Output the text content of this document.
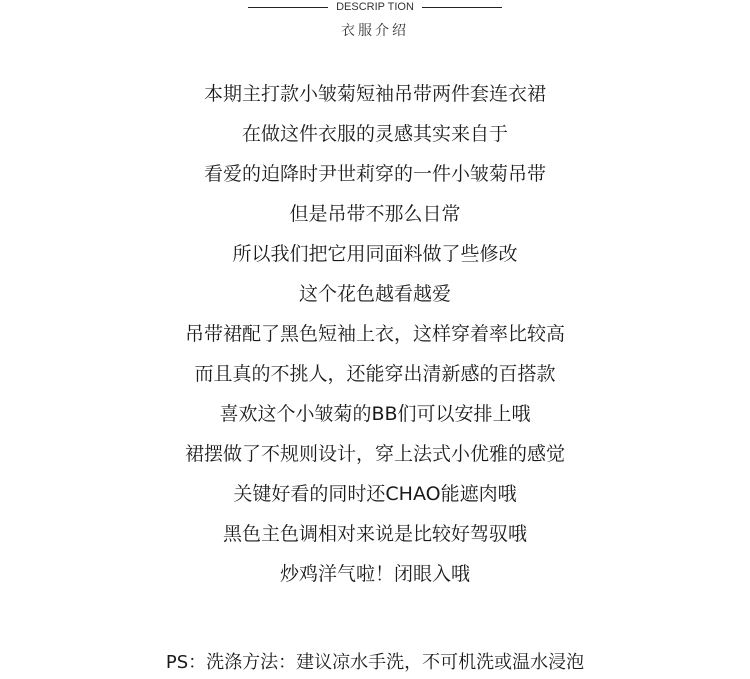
DESCRIP TION
衣服介绍
本期主打款小皱菊短袖吊带两件套连衣裙
在做这件衣服的灵感其实来自于
看爱的迫降时尹世莉穿的一件小皱菊吊带
但是吊带不那么日常
所以我们把它用同面料做了些修改
这个花色越看越爱
吊带裙配了黑色短袖上衣，这样穿着率比较高
而且真的不挑人，还能穿出清新感的百搭款
喜欢这个小皱菊的BB们可以安排上哦
裙摆做了不规则设计，穿上法式小优雅的感觉
关键好看的同时还CHAO能遮肉哦
黑色主色调相对来说是比较好驾驭哦
炒鸡洋气啦！闭眼入哦
PS：洗涤方法：建议凉水手洗，不可机洗或温水浸泡
